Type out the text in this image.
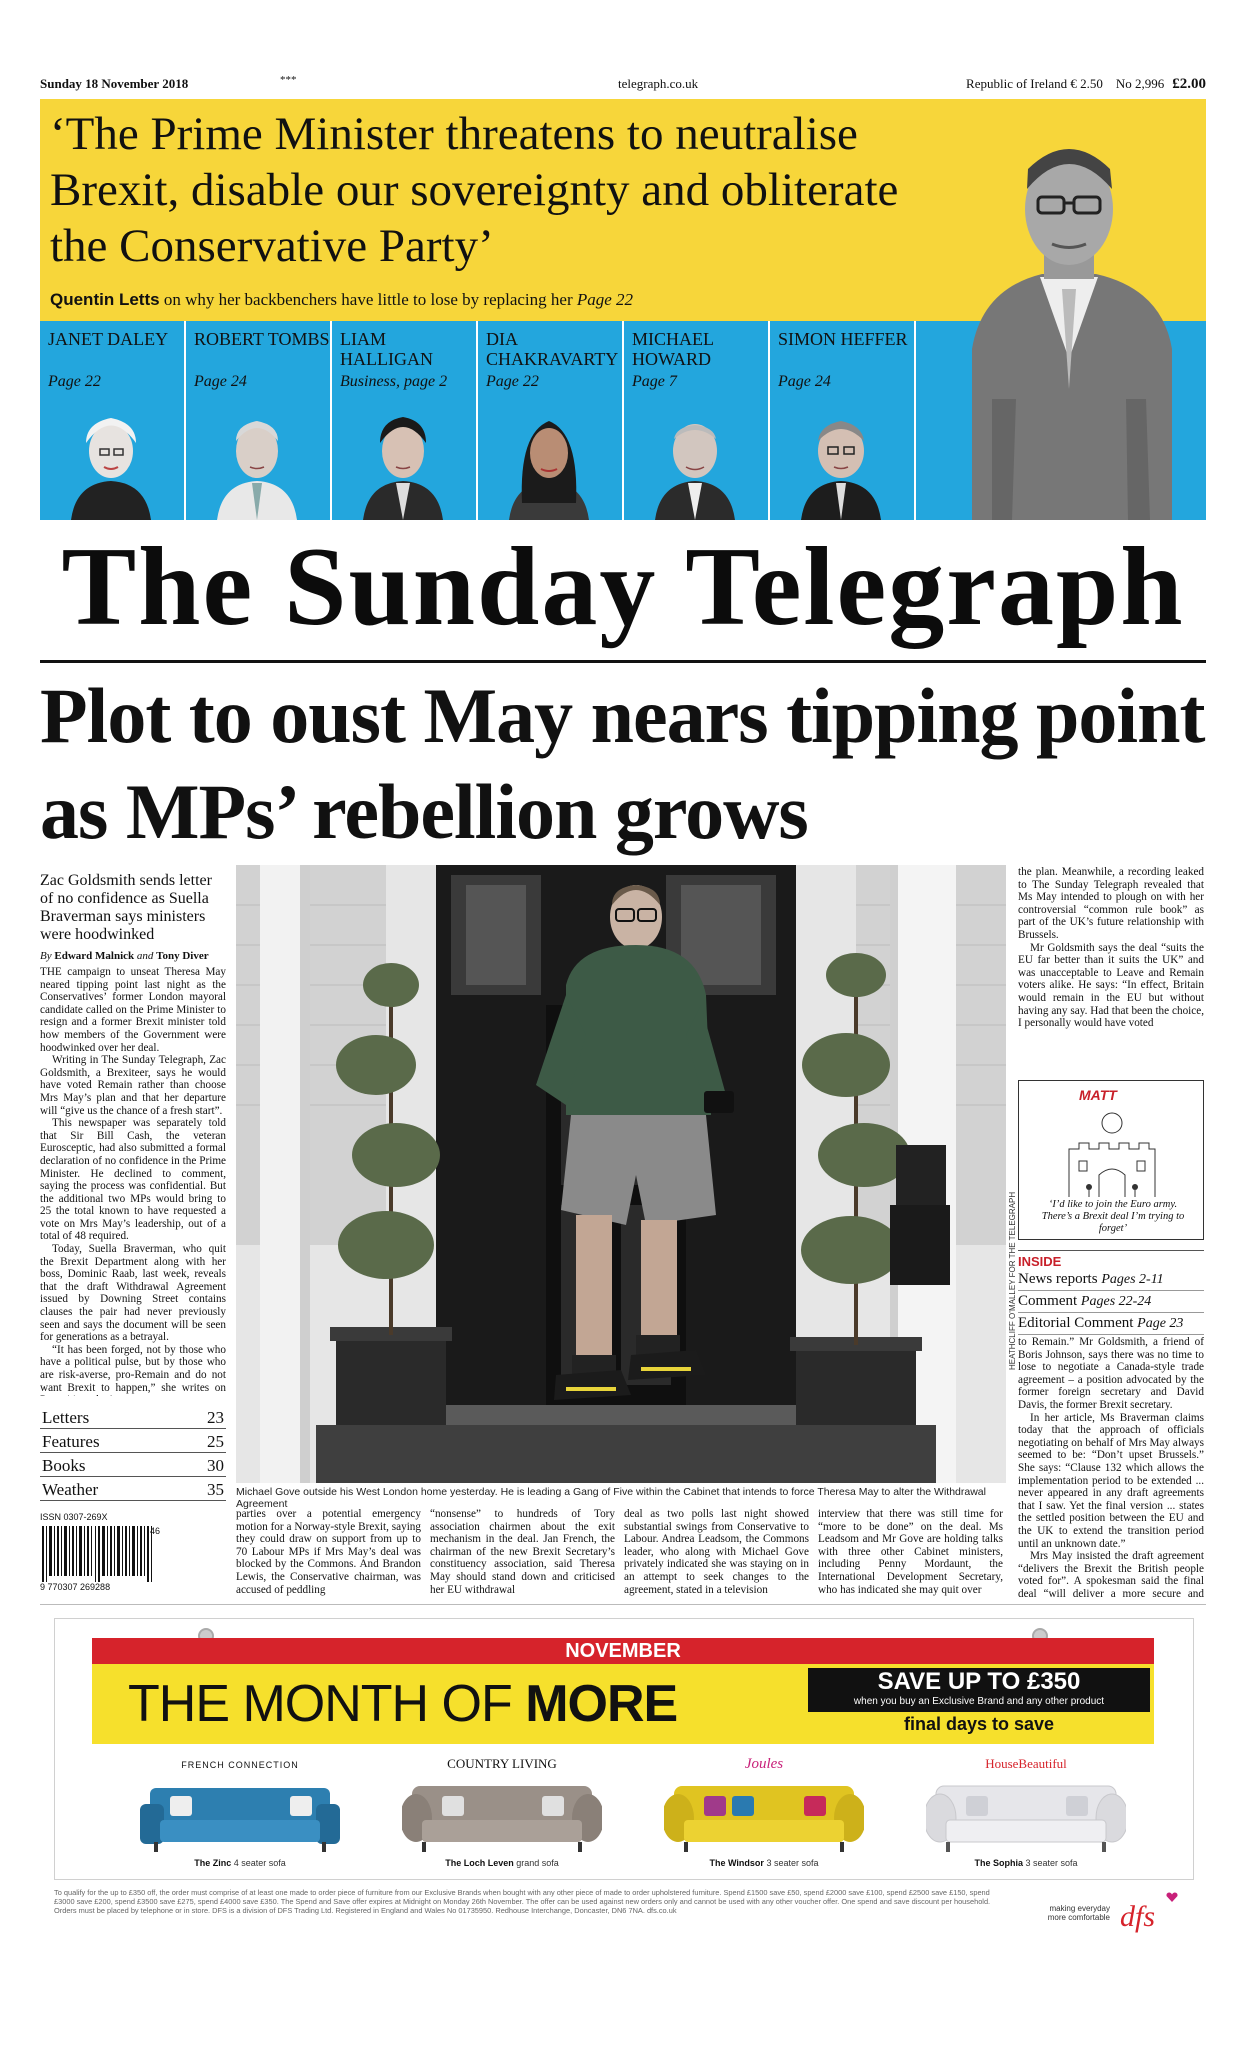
Sunday 18 November 2018	***	telegraph.co.uk	Republic of Ireland € 2.50 No 2,996 £2.00
‘The Prime Minister threatens to neutralise Brexit, disable our sovereignty and obliterate the Conservative Party’
Quentin Letts on why her backbenchers have little to lose by replacing her Page 22
JANET DALEY
Page 22
ROBERT TOMBS
Page 24
LIAM HALLIGAN
Business, page 2
DIA CHAKRAVARTY
Page 22
MICHAEL HOWARD
Page 7
SIMON HEFFER
Page 24
The Sunday Telegraph
Plot to oust May nears tipping point as MPs’ rebellion grows
Zac Goldsmith sends letter of no confidence as Suella Braverman says ministers were hoodwinked
By Edward Malnick and Tony Diver

THE campaign to unseat Theresa May neared tipping point last night as the Conservatives’ former London mayoral candidate called on the Prime Minister to resign and a former Brexit minister told how members of the Government were hoodwinked over her deal.

Writing in The Sunday Telegraph, Zac Goldsmith, a Brexiteer, says he would have voted Remain rather than choose Mrs May’s plan and that her departure will “give us the chance of a fresh start”.

This newspaper was separately told that Sir Bill Cash, the veteran Eurosceptic, had also submitted a formal declaration of no confidence in the Prime Minister. He declined to comment, saying the process was confidential. But the additional two MPs would bring to 25 the total known to have requested a vote on Mrs May’s leadership, out of a total of 48 required.

Today, Suella Braverman, who quit the Brexit Department along with her boss, Dominic Raab, last week, reveals that the draft Withdrawal Agreement issued by Downing Street contains clauses the pair had never previously seen and says the document will be seen for generations as a betrayal.

“It has been forged, not by those who have a political pulse, but by those who are risk-averse, pro-Remain and do not want Brexit to happen,” she writes on

Letters	23
Features	25
Books	30
Weather	35
ISSN 0307-269X
9 770307 269288
46
HEATHCLIFF O’MALLEY FOR THE TELEGRAPH
Michael Gove outside his West London home yesterday. He is leading a Gang of Five within the Cabinet that intends to force Theresa May to alter the Withdrawal Agreement

parties over a potential emergency motion for a Norway-style Brexit, saying they could draw on support from up to 70 Labour MPs if Mrs May’s deal was blocked by the Commons. And Brandon Lewis, the Conservative chairman, was accused of peddling

“nonsense” to hundreds of Tory association chairmen about the exit mechanism in the deal. Jan French, the chairman of the new Brexit Secretary’s constituency association, said Theresa May should stand down and criticised her EU withdrawal

deal as two polls last night showed substantial swings from Conservative to Labour. Andrea Leadsom, the Commons leader, who along with Michael Gove privately indicated she was staying on in an attempt to seek changes to the agreement, stated in a television

interview that there was still time for “more to be done” on the deal. Ms Leadsom and Mr Gove are holding talks with three other Cabinet ministers, including Penny Mordaunt, the International Development Secretary, who has indicated she may quit over

the plan. Meanwhile, a recording leaked to The Sunday Telegraph revealed that Ms May intended to plough on with her controversial “common rule book” as part of the UK’s future relationship with Brussels.

Mr Goldsmith says the deal “suits the EU far better than it suits the UK” and was unacceptable to Leave and Remain voters alike. He says: “In effect, Britain would remain in the EU but without having any say. Had that been the choice, I personally would have voted

MATT
‘I’d like to join the Euro army. There’s a Brexit deal I’m trying to forget’
INSIDE
News reports Pages 2-11
Comment Pages 22-24
Editorial Comment Page 23

to Remain.” Mr Goldsmith, a friend of Boris Johnson, says there was no time to lose to negotiate a Canada-style trade agreement – a position advocated by the former foreign secretary and David Davis, the former Brexit secretary.

In her article, Ms Braverman claims today that the approach of officials negotiating on behalf of Mrs May always seemed to be: “Don’t upset Brussels.” She says: “Clause 132 which allows the implementation period to be extended ... never appeared in any draft agreements that I saw. Yet the final version ... states the settled position between the EU and the UK to extend the transition period until an unknown date.”

Mrs May insisted the draft agreement “delivers the Brexit the British people voted for”. A spokesman said the final deal “will deliver a more secure and

NOVEMBER
THE MONTH OF MORE	SAVE UP TO £350
when you buy an Exclusive Brand and any other product
final days to save
FRENCH CONNECTION
The Zinc 4 seater sofa
COUNTRY LIVING
The Loch Leven grand sofa
Joules
The Windsor 3 seater sofa
HouseBeautiful
The Sophia 3 seater sofa
To qualify for the up to £350 off, the order must comprise of at least one made to order piece of furniture from our Exclusive Brands when bought with any other piece of made to order upholstered furniture. Spend £1500 save £50, spend £2000 save £100, spend £2500 save £150, spend £3000 save £200, spend £3500 save £275, spend £4000 save £350. The Spend and Save offer expires at Midnight on Monday 26th November. The offer can be used against new orders only and cannot be used with any other voucher offer. One spend and save discount per household. Orders must be placed by telephone or in store. DFS is a division of DFS Trading Ltd. Registered in England and Wales No 01735950. Redhouse Interchange, Doncaster, DN6 7NA. dfs.co.uk	making everyday more comfortable dfs
